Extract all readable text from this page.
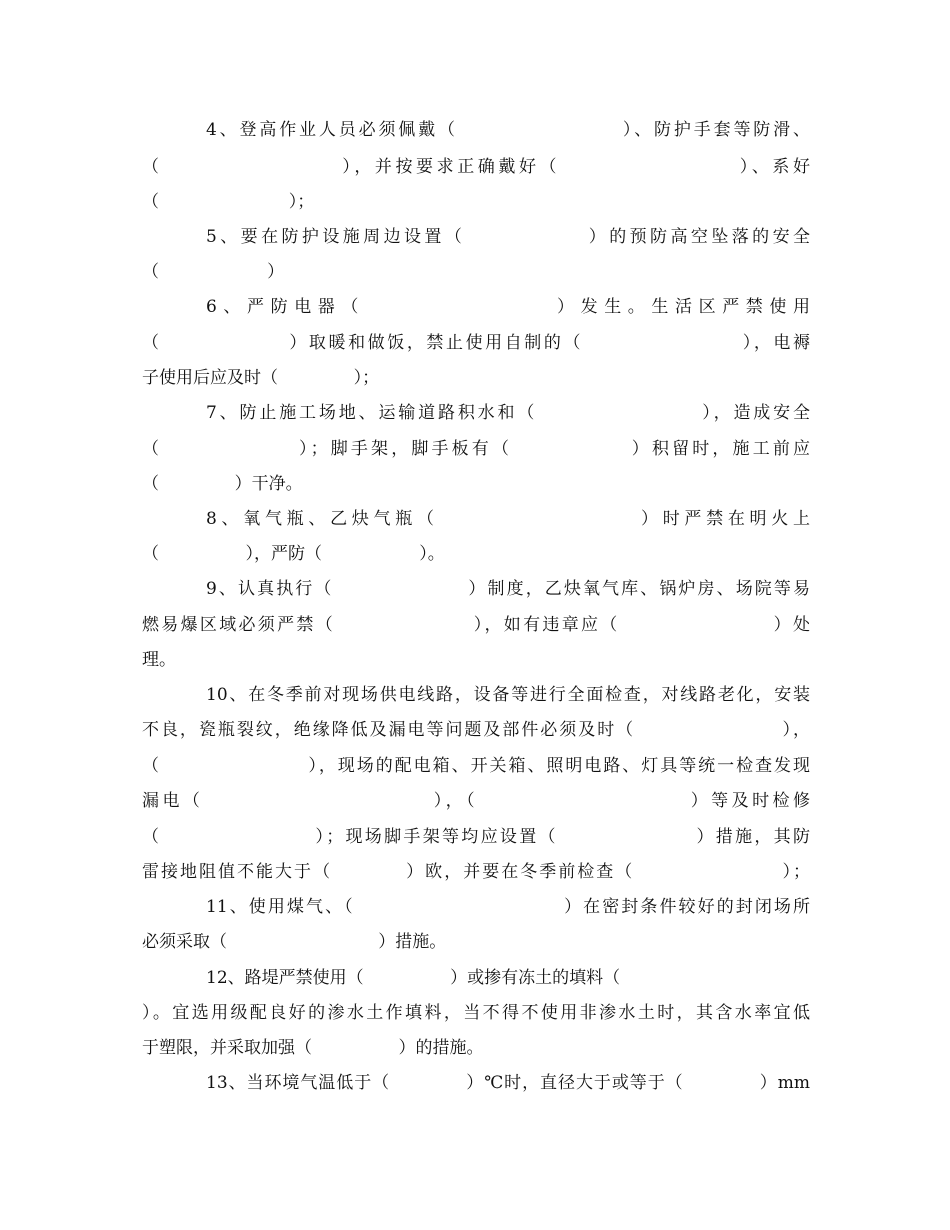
4、登高作业人员必须佩戴（                    ）、防护手套等防滑、
（                    ），并按要求正确戴好（                    ）、系好
（                        ）；
5、要在防护设施周边设置（              ）的预防高空坠落的安全
（                    ）
6、严防电器（                ）发生。生活区严禁使用
（                ）取暖和做饭，禁止使用自制的（                    ），电褥
子使用后应及时（              ）；
7、防止施工场地、运输道路积水和（                    ），造成安全
（                ）；脚手架，脚手板有（              ）积留时，施工前应
（              ）干净。
8、氧气瓶、乙炔气瓶（                    ）时严禁在明火上
（                ），严防（                  ）。
9、认真执行（                  ）制度，乙炔氧气库、锅炉房、场院等易
燃易爆区域必须严禁（                  ），如有违章应（                    ）处
理。
10、在冬季前对现场供电线路，设备等进行全面检查，对线路老化，安装
不良，瓷瓶裂纹，绝缘降低及漏电等问题及部件必须及时（                    ），
（                    ），现场的配电箱、开关箱、照明电路、灯具等统一检查发现
漏电（                          ），（                        ）等及时检修
（                    ）；现场脚手架等均应设置（                  ）措施，其防
雷接地阻值不能大于（          ）欧，并要在冬季前检查（                    ）；
11、使用煤气、（                            ）在密封条件较好的封闭场所
必须采取（                            ）措施。
12、路堤严禁使用（                ）或掺有冻土的填料（
）。宜选用级配良好的渗水土作填料，当不得不使用非渗水土时，其含水率宜低
于塑限，并采取加强（                ）的措施。
13、当环境气温低于（            ）℃时，直径大于或等于（            ）mm
